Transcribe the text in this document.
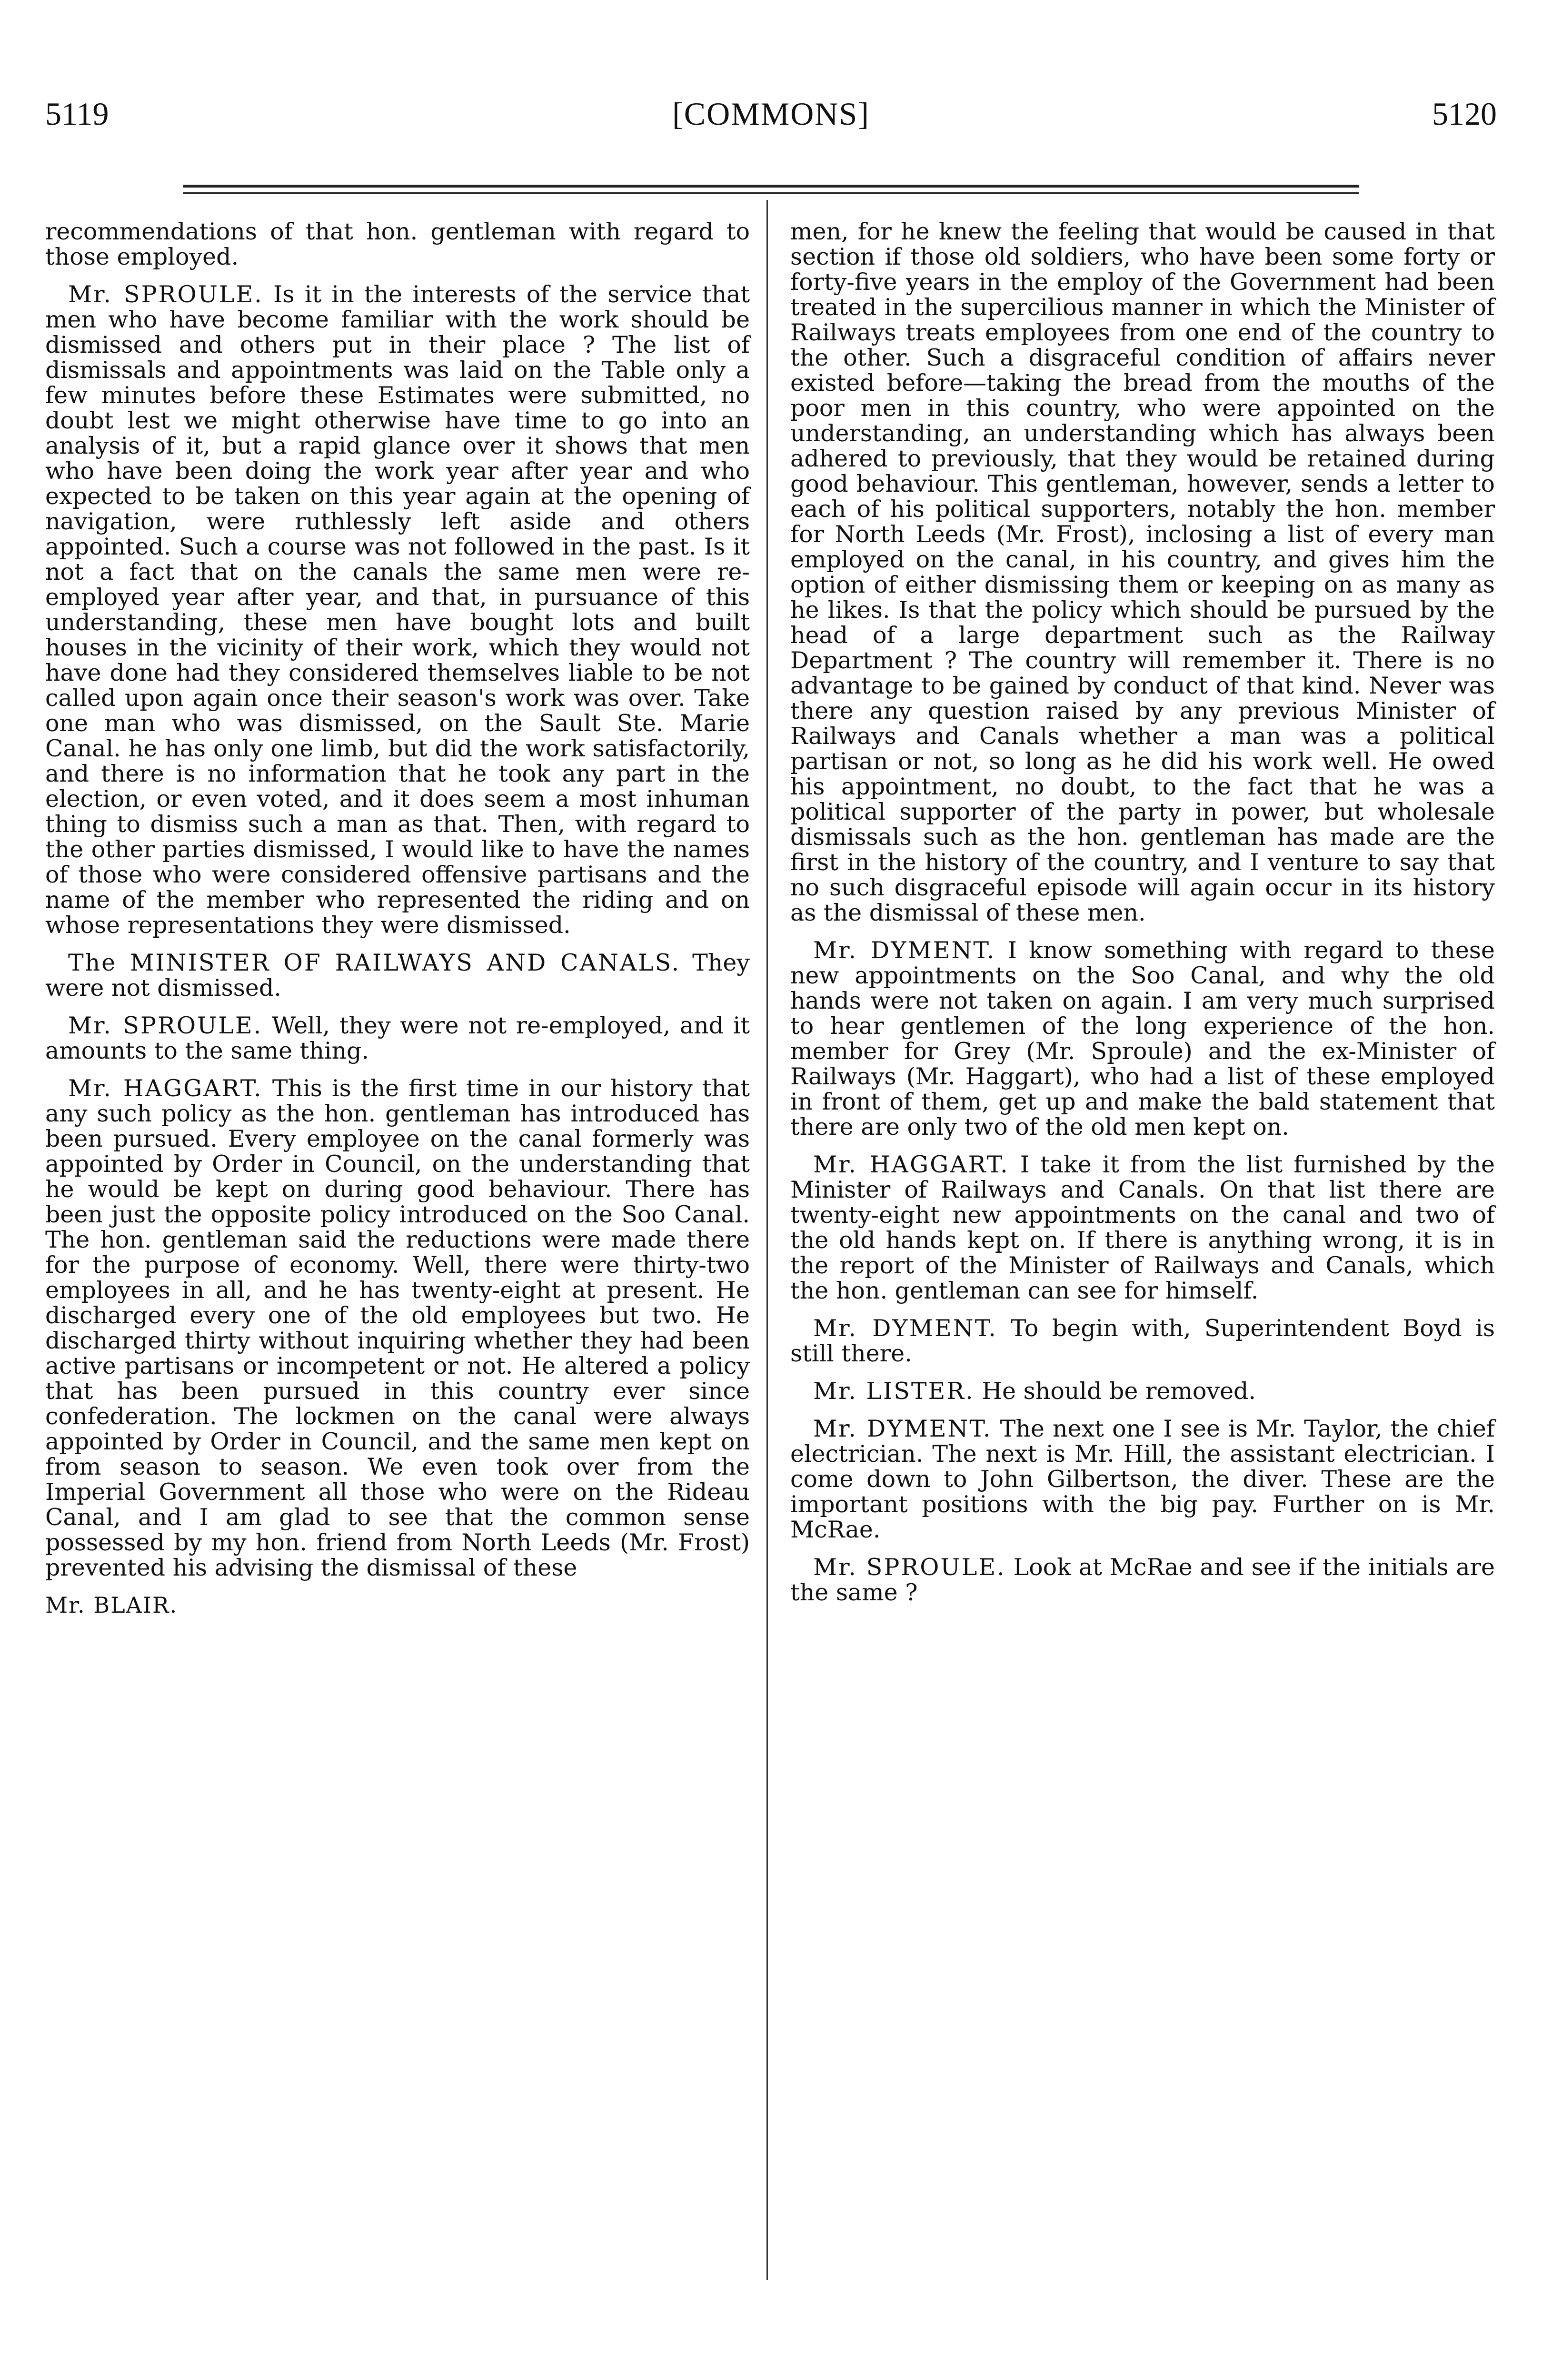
5119	[COMMONS]	5120

recommendations of that hon. gentleman with regard to those employed.

Mr. SPROULE. Is it in the interests of the service that men who have become familiar with the work should be dismissed and others put in their place ? The list of dismissals and appointments was laid on the Table only a few minutes before these Estimates were submitted, no doubt lest we might otherwise have time to go into an analysis of it, but a rapid glance over it shows that men who have been doing the work year after year and who expected to be taken on this year again at the opening of navigation, were ruthlessly left aside and others appointed. Such a course was not followed in the past. Is it not a fact that on the canals the same men were re-employed year after year, and that, in pursuance of this understanding, these men have bought lots and built houses in the vicinity of their work, which they would not have done had they considered themselves liable to be not called upon again once their season's work was over. Take one man who was dismissed, on the Sault Ste. Marie Canal. he has only one limb, but did the work satisfactorily, and there is no information that he took any part in the election, or even voted, and it does seem a most inhuman thing to dismiss such a man as that. Then, with regard to the other parties dismissed, I would like to have the names of those who were considered offensive partisans and the name of the member who represented the riding and on whose representations they were dismissed.

The MINISTER OF RAILWAYS AND CANALS. They were not dismissed.

Mr. SPROULE. Well, they were not re-employed, and it amounts to the same thing.

Mr. HAGGART. This is the first time in our history that any such policy as the hon. gentleman has introduced has been pursued. Every employee on the canal formerly was appointed by Order in Council, on the understanding that he would be kept on during good behaviour. There has been just the opposite policy introduced on the Soo Canal. The hon. gentleman said the reductions were made there for the purpose of economy. Well, there were thirty-two employees in all, and he has twenty-eight at present. He discharged every one of the old employees but two. He discharged thirty without inquiring whether they had been active partisans or incompetent or not. He altered a policy that has been pursued in this country ever since confederation. The lockmen on the canal were always appointed by Order in Council, and the same men kept on from season to season. We even took over from the Imperial Government all those who were on the Rideau Canal, and I am glad to see that the common sense possessed by my hon. friend from North Leeds (Mr. Frost) prevented his advising the dismissal of these

Mr. BLAIR.

men, for he knew the feeling that would be caused in that section if those old soldiers, who have been some forty or forty-five years in the employ of the Government had been treated in the supercilious manner in which the Minister of Railways treats employees from one end of the country to the other. Such a disgraceful condition of affairs never existed before—taking the bread from the mouths of the poor men in this country, who were appointed on the understanding, an understanding which has always been adhered to previously, that they would be retained during good behaviour. This gentleman, however, sends a letter to each of his political supporters, notably the hon. member for North Leeds (Mr. Frost), inclosing a list of every man employed on the canal, in his country, and gives him the option of either dismissing them or keeping on as many as he likes. Is that the policy which should be pursued by the head of a large department such as the Railway Department ? The country will remember it. There is no advantage to be gained by conduct of that kind. Never was there any question raised by any previous Minister of Railways and Canals whether a man was a political partisan or not, so long as he did his work well. He owed his appointment, no doubt, to the fact that he was a political supporter of the party in power, but wholesale dismissals such as the hon. gentleman has made are the first in the history of the country, and I venture to say that no such disgraceful episode will again occur in its history as the dismissal of these men.

Mr. DYMENT. I know something with regard to these new appointments on the Soo Canal, and why the old hands were not taken on again. I am very much surprised to hear gentlemen of the long experience of the hon. member for Grey (Mr. Sproule) and the ex-Minister of Railways (Mr. Haggart), who had a list of these employed in front of them, get up and make the bald statement that there are only two of the old men kept on.

Mr. HAGGART. I take it from the list furnished by the Minister of Railways and Canals. On that list there are twenty-eight new appointments on the canal and two of the old hands kept on. If there is anything wrong, it is in the report of the Minister of Railways and Canals, which the hon. gentleman can see for himself.

Mr. DYMENT. To begin with, Superintendent Boyd is still there.

Mr. LISTER. He should be removed.

Mr. DYMENT. The next one I see is Mr. Taylor, the chief electrician. The next is Mr. Hill, the assistant electrician. I come down to John Gilbertson, the diver. These are the important positions with the big pay. Further on is Mr. McRae.

Mr. SPROULE. Look at McRae and see if the initials are the same ?
